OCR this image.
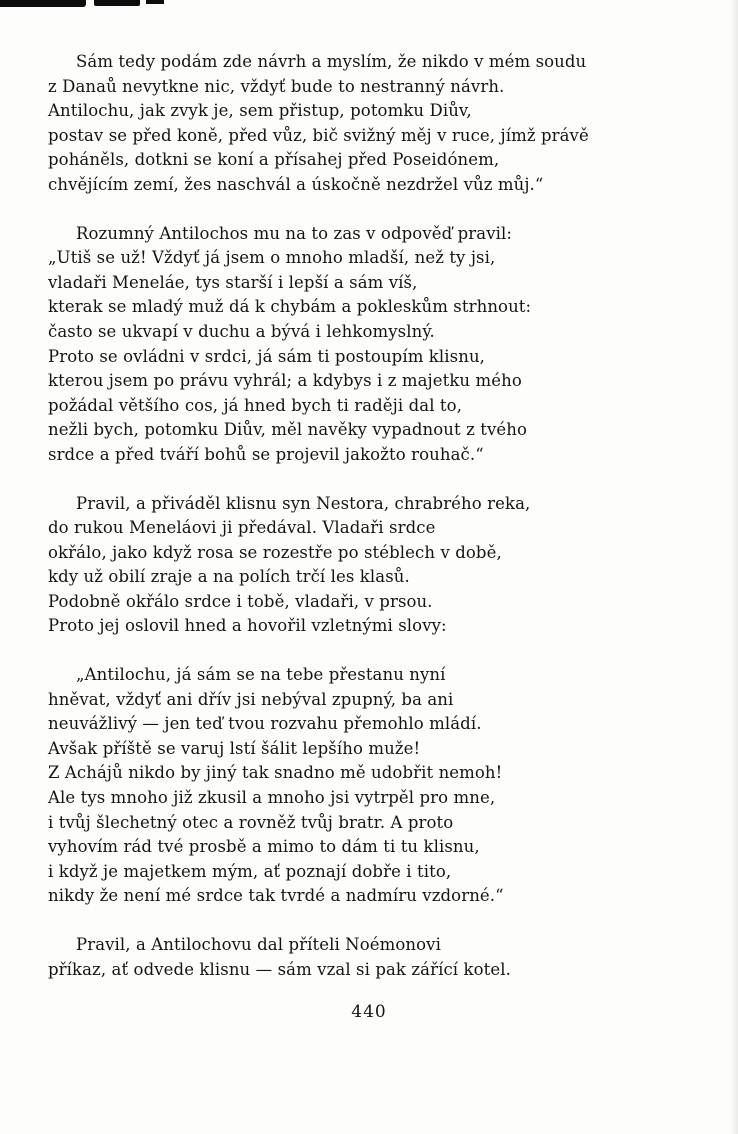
Sám tedy podám zde návrh a myslím, že nikdo v mém soudu
z Danaů nevytkne nic, vždyť bude to nestranný návrh.
Antilochu, jak zvyk je, sem přistup, potomku Diův,
postav se před koně, před vůz, bič svižný měj v ruce, jímž právě
poháněls, dotkni se koní a přísahej před Poseidónem,
chvějícím zemí, žes naschvál a úskočně nezdržel vůz můj.“

Rozumný Antilochos mu na to zas v odpověď pravil:
„Utiš se už! Vždyť já jsem o mnoho mladší, než ty jsi,
vladaři Meneláe, tys starší i lepší a sám víš,
kterak se mladý muž dá k chybám a pokleskům strhnout:
často se ukvapí v duchu a bývá i lehkomyslný.
Proto se ovládni v srdci, já sám ti postoupím klisnu,
kterou jsem po právu vyhrál; a kdybys i z majetku mého
požádal většího cos, já hned bych ti raději dal to,
nežli bych, potomku Diův, měl navěky vypadnout z tvého
srdce a před tváří bohů se projevil jakožto rouhač.“

Pravil, a přiváděl klisnu syn Nestora, chrabrého reka,
do rukou Meneláovi ji předával. Vladaři srdce
okřálo, jako když rosa se rozestře po stéblech v době,
kdy už obilí zraje a na polích trčí les klasů.
Podobně okřálo srdce i tobě, vladaři, v prsou.
Proto jej oslovil hned a hovořil vzletnými slovy:

„Antilochu, já sám se na tebe přestanu nyní
hněvat, vždyť ani dřív jsi nebýval zpupný, ba ani
neuvážlivý — jen teď tvou rozvahu přemohlo mládí.
Avšak příště se varuj lstí šálit lepšího muže!
Z Achájů nikdo by jiný tak snadno mě udobřit nemoh!
Ale tys mnoho již zkusil a mnoho jsi vytrpěl pro mne,
i tvůj šlechetný otec a rovněž tvůj bratr. A proto
vyhovím rád tvé prosbě a mimo to dám ti tu klisnu,
i když je majetkem mým, ať poznají dobře i tito,
nikdy že není mé srdce tak tvrdé a nadmíru vzdorné.“

Pravil, a Antilochovu dal příteli Noémonovi
příkaz, ať odvede klisnu — sám vzal si pak zářící kotel.

440
